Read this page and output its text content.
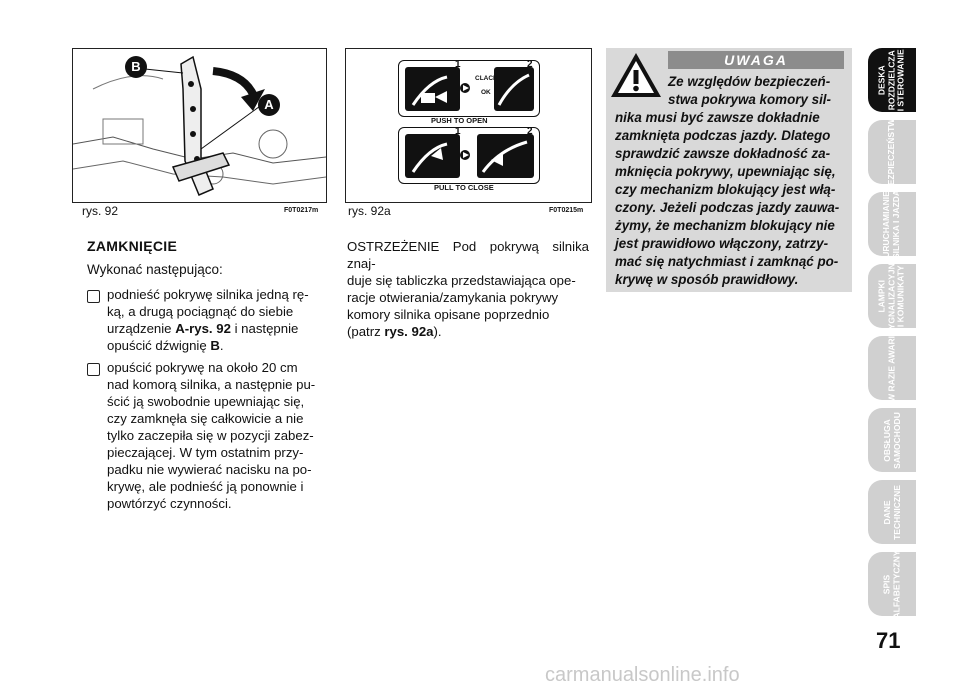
B
A
rys. 92	F0T0217m
1	2
CLACK
OK
PUSH TO OPEN
1	2
PULL TO CLOSE
rys. 92a	F0T0215m
ZAMKNIĘCIE
Wykonać następująco:
podnieść pokrywę silnika jedną rę-
ką, a drugą pociągnąć do siebie
urządzenie A-rys. 92 i następnie
opuścić dźwignię B.
opuścić pokrywę na około 20 cm
nad komorą silnika, a następnie pu-
ścić ją swobodnie upewniając się,
czy zamknęła się całkowicie a nie
tylko zaczepiła się w pozycji zabez-
pieczającej. W tym ostatnim przy-
padku nie wywierać nacisku na po-
krywę, ale podnieść ją ponownie i
powtórzyć czynności.
OSTRZEŻENIE Pod pokrywą silnika znaj-
duje się tabliczka przedstawiająca ope-
racje otwierania/zamykania pokrywy
komory silnika opisane poprzednio
(patrz rys. 92a).
UWAGA
Ze względów bezpieczeń-
stwa pokrywa komory sil-
nika musi być zawsze dokładnie
zamknięta podczas jazdy. Dlatego
sprawdzić zawsze dokładność za-
mknięcia pokrywy, upewniając się,
czy mechanizm blokujący jest włą-
czony. Jeżeli podczas jazdy zauwa-
żymy, że mechanizm blokujący nie
jest prawidłowo włączony, zatrzy-
mać się natychmiast i zamknąć po-
krywę w sposób prawidłowy.
DESKA
ROZDZIELCZA
I STEROWANIE
BEZPIECZEŃSTWO
URUCHAMIANIE
SILNIKA I JAZDA
LAMPKI
SYGNALIZACYJNE
I KOMUNIKATY
W RAZIE AWARII
OBSŁUGA
SAMOCHODU
DANE
TECHNICZNE
SPIS
ALFABETYCZNY
71
carmanualsonline.info
